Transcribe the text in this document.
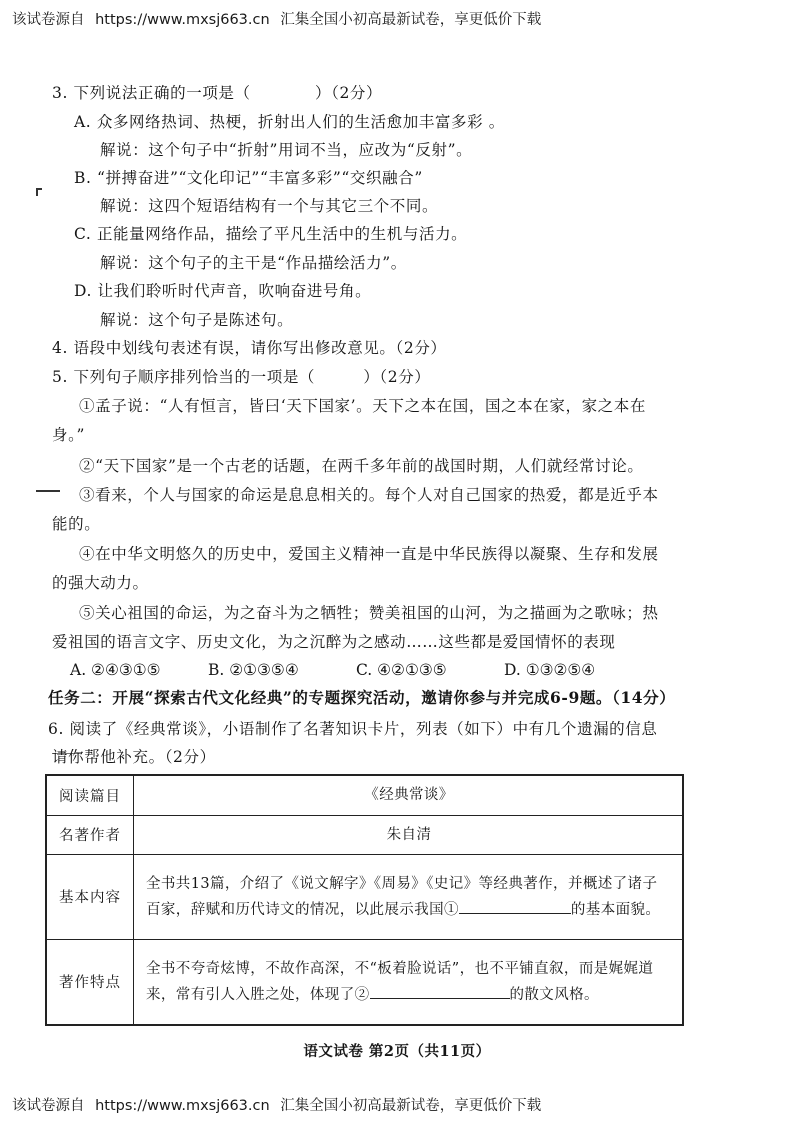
该试卷源自 https://www.mxsj663.cn 汇集全国小初高最新试卷，享更低价下载
3. 下列说法正确的一项是（　　　　）（2分）
A. 众多网络热词、热梗，折射出人们的生活愈加丰富多彩 。
解说：这个句子中“折射”用词不当，应改为“反射”。
B. “拼搏奋进”“文化印记”“丰富多彩”“交织融合”
解说：这四个短语结构有一个与其它三个不同。
C. 正能量网络作品，描绘了平凡生活中的生机与活力。
解说：这个句子的主干是“作品描绘活力”。
D. 让我们聆听时代声音，吹响奋进号角。
解说：这个句子是陈述句。
4. 语段中划线句表述有误，请你写出修改意见。（2分）
5. 下列句子顺序排列恰当的一项是（　　　）（2分）
①孟子说：“人有恒言，皆曰‘天下国家’。天下之本在国，国之本在家，家之本在
身。”
②“天下国家”是一个古老的话题，在两千多年前的战国时期，人们就经常讨论。
③看来，个人与国家的命运是息息相关的。每个人对自己国家的热爱，都是近乎本
能的。
④在中华文明悠久的历史中，爱国主义精神一直是中华民族得以凝聚、生存和发展
的强大动力。
⑤关心祖国的命运，为之奋斗为之牺牲；赞美祖国的山河，为之描画为之歌咏；热
爱祖国的语言文字、历史文化，为之沉醉为之感动……这些都是爱国情怀的表现
A. ②④③①⑤	B. ②①③⑤④	C. ④②①③⑤	D. ①③②⑤④
任务二：开展“探索古代文化经典”的专题探究活动，邀请你参与并完成6-9题。（14分）
6. 阅读了《经典常谈》，小语制作了名著知识卡片，列表（如下）中有几个遗漏的信息
请你帮他补充。（2分）
阅读篇目	《经典常谈》
名著作者	朱自清
基本内容	全书共13篇，介绍了《说文解字》《周易》《史记》等经典著作，并概述了诸子百家，辞赋和历代诗文的情况，以此展示我国① 的基本面貌。
著作特点	全书不夸奇炫博，不故作高深，不“板着脸说话”，也不平铺直叙，而是娓娓道来，常有引人入胜之处，体现了② 的散文风格。
语文试卷 第2页（共11页）
该试卷源自 https://www.mxsj663.cn 汇集全国小初高最新试卷，享更低价下载
